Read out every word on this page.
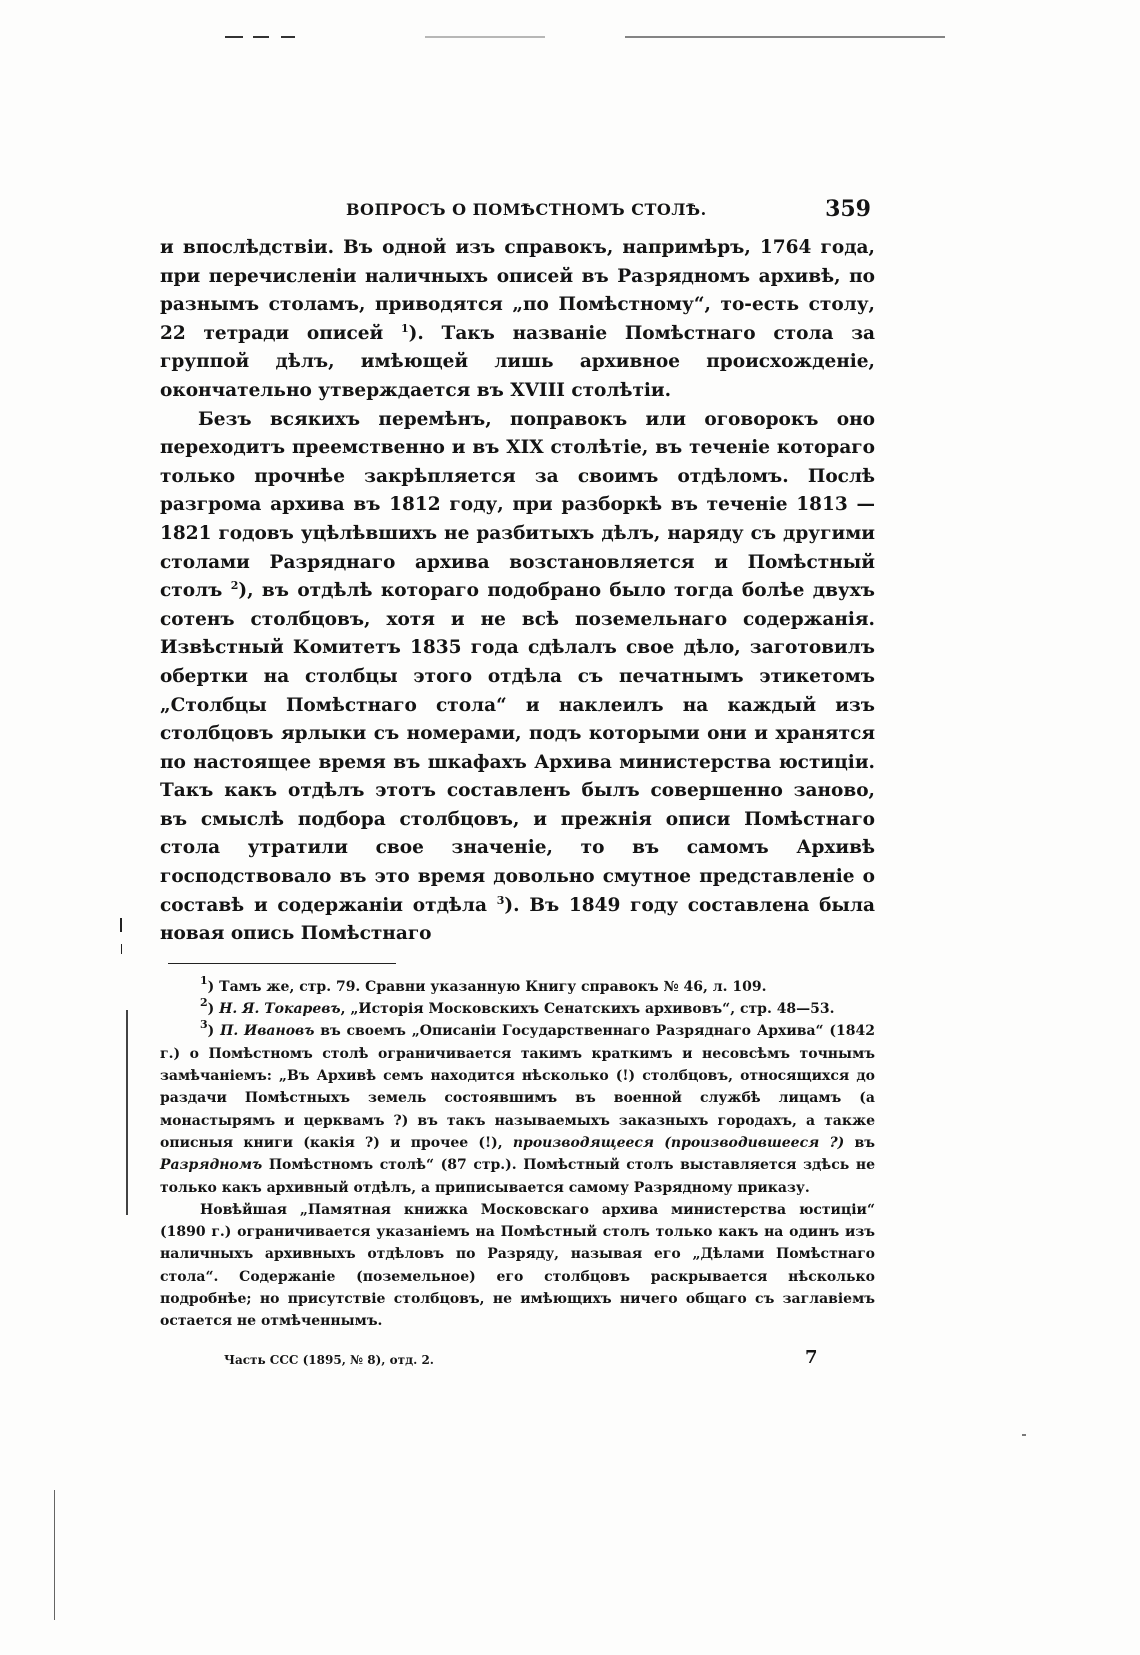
ВОПРОСЪ О ПОМѢСТНОМЪ СТОЛѢ.	359

и впослѣдствіи. Въ одной изъ справокъ, напримѣръ, 1764 года, при перечисленіи наличныхъ описей въ Разрядномъ архивѣ, по разнымъ столамъ, приводятся „по Помѣстному“, то-есть столу, 22 тетради описей $^1$). Такъ названіе Помѣстнаго стола за группой дѣлъ, имѣющей лишь архивное происхожденіе, окончательно утверждается въ XVIII столѣтіи.

Безъ всякихъ перемѣнъ, поправокъ или оговорокъ оно переходитъ преемственно и въ XIX столѣтіе, въ теченіе котораго только прочнѣе закрѣпляется за своимъ отдѣломъ. Послѣ разгрома архива въ 1812 году, при разборкѣ въ теченіе 1813 — 1821 годовъ уцѣлѣвшихъ не разбитыхъ дѣлъ, наряду съ другими столами Разряднаго архива возстановляется и Помѣстный столъ $^2$), въ отдѣлѣ котораго подобрано было тогда болѣе двухъ сотенъ столбцовъ, хотя и не всѣ поземельнаго содержанія. Извѣстный Комитетъ 1835 года сдѣлалъ свое дѣло, заготовилъ обертки на столбцы этого отдѣла съ печатнымъ этикетомъ „Столбцы Помѣстнаго стола“ и наклеилъ на каждый изъ столбцовъ ярлыки съ номерами, подъ которыми они и хранятся по настоящее время въ шкафахъ Архива министерства юстиціи. Такъ какъ отдѣлъ этотъ составленъ былъ совершенно заново, въ смыслѣ подбора столбцовъ, и прежнія описи Помѣстнаго стола утратили свое значеніе, то въ самомъ Архивѣ господствовало въ это время довольно смутное представленіе о составѣ и содержаніи отдѣла $^3$). Въ 1849 году составлена была новая опись Помѣстнаго

$^1$) Тамъ же, стр. 79. Сравни указанную Книгу справокъ № 46, л. 109.

$^2$) Н. Я. Токаревъ, „Исторія Московскихъ Сенатскихъ архивовъ“, стр. 48—53.

$^3$) П. Ивановъ въ своемъ „Описаніи Государственнаго Разряднаго Архива“ (1842 г.) о Помѣстномъ столѣ ограничивается такимъ краткимъ и несовсѣмъ точнымъ замѣчаніемъ: „Въ Архивѣ семъ находится нѣсколько (!) столбцовъ, относящихся до раздачи Помѣстныхъ земель состоявшимъ въ военной службѣ лицамъ (а монастырямъ и церквамъ ?) въ такъ называемыхъ заказныхъ городахъ, а также описныя книги (какія ?) и прочее (!), производящееся (производившееся ?) въ Разрядномъ Помѣстномъ столѣ“ (87 стр.). Помѣстный столъ выставляется здѣсь не только какъ архивный отдѣлъ, а приписывается самому Разрядному приказу.

Новѣйшая „Памятная книжка Московскаго архива министерства юстиціи“ (1890 г.) ограничивается указаніемъ на Помѣстный столъ только какъ на одинъ изъ наличныхъ архивныхъ отдѣловъ по Разряду, называя его „Дѣлами Помѣстнаго стола“. Содержаніе (поземельное) его столбцовъ раскрывается нѣсколько подробнѣе; но присутствіе столбцовъ, не имѣющихъ ничего общаго съ заглавіемъ остается не отмѣченнымъ.

Часть CCC (1895, № 8), отд. 2.	7
